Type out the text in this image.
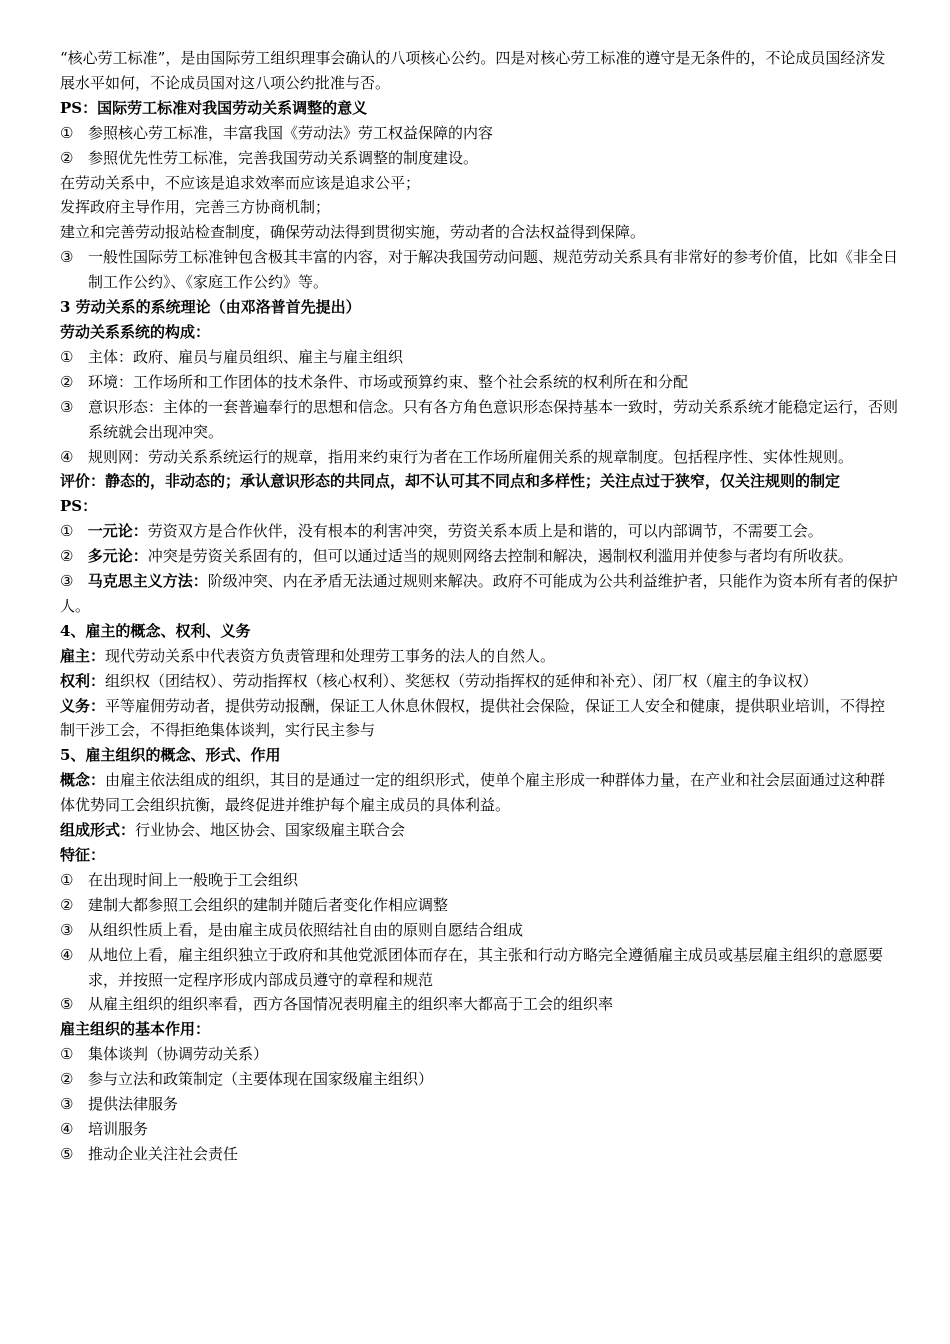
“核心劳工标准”，是由国际劳工组织理事会确认的八项核心公约。四是对核心劳工标准的遵守是无条件的，不论成员国经济发展水平如何，不论成员国对这八项公约批准与否。

PS：国际劳工标准对我国劳动关系调整的意义

① 参照核心劳工标准，丰富我国《劳动法》劳工权益保障的内容

② 参照优先性劳工标准，完善我国劳动关系调整的制度建设。

在劳动关系中，不应该是追求效率而应该是追求公平；

发挥政府主导作用，完善三方协商机制；

建立和完善劳动报站检查制度，确保劳动法得到贯彻实施，劳动者的合法权益得到保障。

③ 一般性国际劳工标准钟包含极其丰富的内容，对于解决我国劳动问题、规范劳动关系具有非常好的参考价值，比如《非全日制工作公约》、《家庭工作公约》等。

3 劳动关系的系统理论（由邓洛普首先提出）

劳动关系系统的构成：

① 主体：政府、雇员与雇员组织、雇主与雇主组织

② 环境：工作场所和工作团体的技术条件、市场或预算约束、整个社会系统的权利所在和分配

③ 意识形态：主体的一套普遍奉行的思想和信念。只有各方角色意识形态保持基本一致时，劳动关系系统才能稳定运行，否则系统就会出现冲突。

④ 规则网：劳动关系系统运行的规章，指用来约束行为者在工作场所雇佣关系的规章制度。包括程序性、实体性规则。

评价：静态的，非动态的；承认意识形态的共同点，却不认可其不同点和多样性；关注点过于狭窄，仅关注规则的制定

PS：

① 一元论：劳资双方是合作伙伴，没有根本的利害冲突，劳资关系本质上是和谐的，可以内部调节，不需要工会。

② 多元论：冲突是劳资关系固有的，但可以通过适当的规则网络去控制和解决，遏制权利滥用并使参与者均有所收获。

③ 马克思主义方法：阶级冲突、内在矛盾无法通过规则来解决。政府不可能成为公共利益维护者，只能作为资本所有者的保护人。

4、雇主的概念、权利、义务

雇主：现代劳动关系中代表资方负责管理和处理劳工事务的法人的自然人。

权利：组织权（团结权）、劳动指挥权（核心权利）、奖惩权（劳动指挥权的延伸和补充）、闭厂权（雇主的争议权）

义务：平等雇佣劳动者，提供劳动报酬，保证工人休息休假权，提供社会保险，保证工人安全和健康，提供职业培训，不得控制干涉工会，不得拒绝集体谈判，实行民主参与

5、雇主组织的概念、形式、作用

概念：由雇主依法组成的组织，其目的是通过一定的组织形式，使单个雇主形成一种群体力量，在产业和社会层面通过这种群体优势同工会组织抗衡，最终促进并维护每个雇主成员的具体利益。

组成形式：行业协会、地区协会、国家级雇主联合会

特征：

① 在出现时间上一般晚于工会组织

② 建制大都参照工会组织的建制并随后者变化作相应调整

③ 从组织性质上看，是由雇主成员依照结社自由的原则自愿结合组成

④ 从地位上看，雇主组织独立于政府和其他党派团体而存在，其主张和行动方略完全遵循雇主成员或基层雇主组织的意愿要求，并按照一定程序形成内部成员遵守的章程和规范

⑤ 从雇主组织的组织率看，西方各国情况表明雇主的组织率大都高于工会的组织率

雇主组织的基本作用：

① 集体谈判（协调劳动关系）

② 参与立法和政策制定（主要体现在国家级雇主组织）

③ 提供法律服务

④ 培训服务

⑤ 推动企业关注社会责任
